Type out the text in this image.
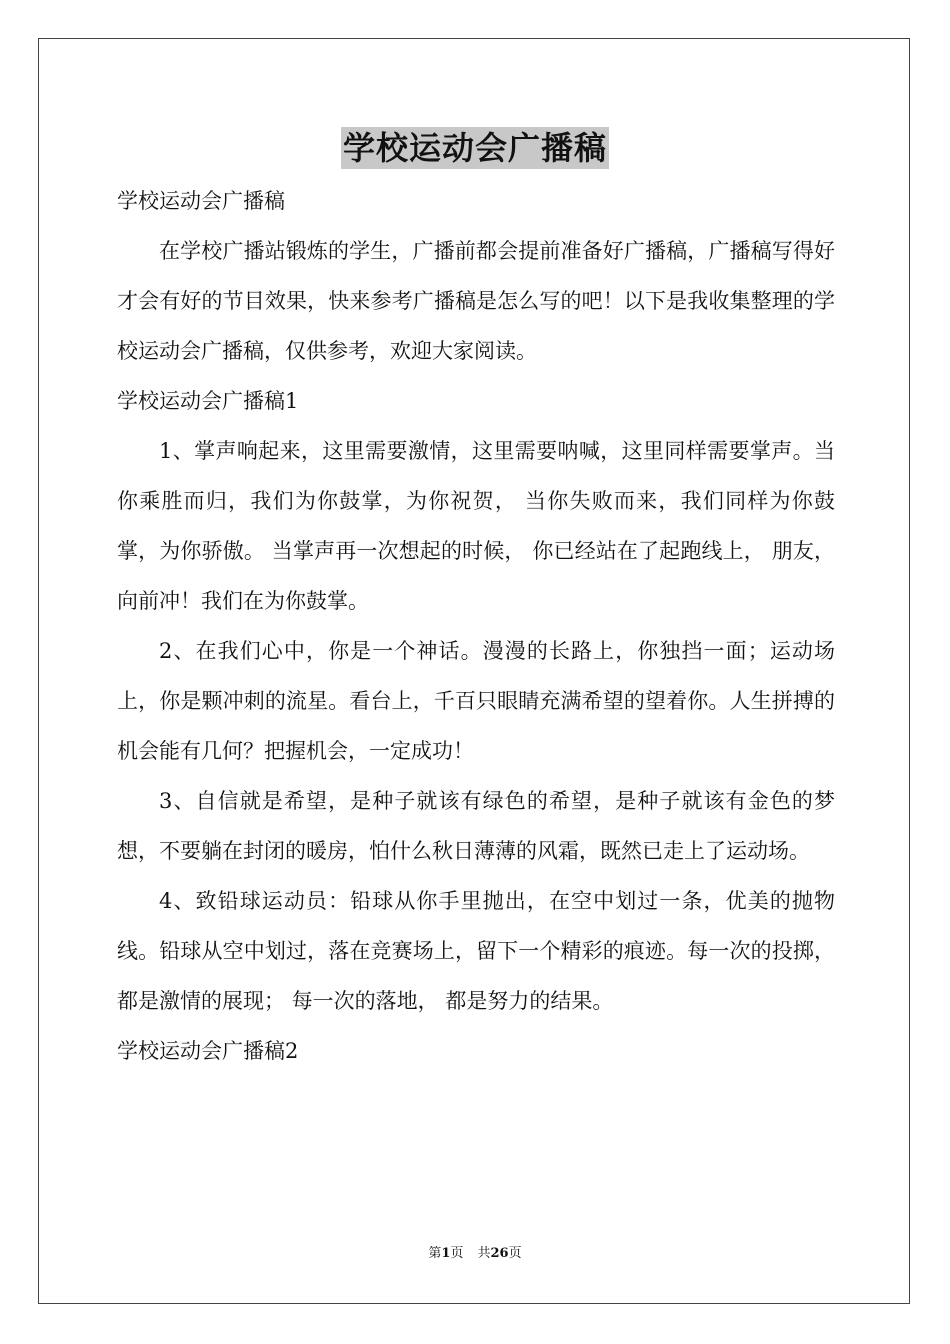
学校运动会广播稿

学校运动会广播稿

在学校广播站锻炼的学生，广播前都会提前准备好广播稿，广播稿写得好才会有好的节目效果，快来参考广播稿是怎么写的吧！以下是我收集整理的学校运动会广播稿，仅供参考，欢迎大家阅读。

学校运动会广播稿1

1、掌声响起来，这里需要激情，这里需要呐喊，这里同样需要掌声。当你乘胜而归，我们为你鼓掌，为你祝贺， 当你失败而来，我们同样为你鼓掌，为你骄傲。 当掌声再一次想起的时候， 你已经站在了起跑线上， 朋友，向前冲！我们在为你鼓掌。

2、在我们心中，你是一个神话。漫漫的长路上，你独挡一面；运动场上，你是颗冲刺的流星。看台上，千百只眼睛充满希望的望着你。人生拼搏的机会能有几何？把握机会，一定成功！

3、自信就是希望，是种子就该有绿色的希望，是种子就该有金色的梦想，不要躺在封闭的暖房，怕什么秋日薄薄的风霜，既然已走上了运动场。

4、致铅球运动员：铅球从你手里抛出，在空中划过一条，优美的抛物线。铅球从空中划过，落在竞赛场上，留下一个精彩的痕迹。每一次的投掷， 都是激情的展现； 每一次的落地， 都是努力的结果。

学校运动会广播稿2

第1页 共26页
